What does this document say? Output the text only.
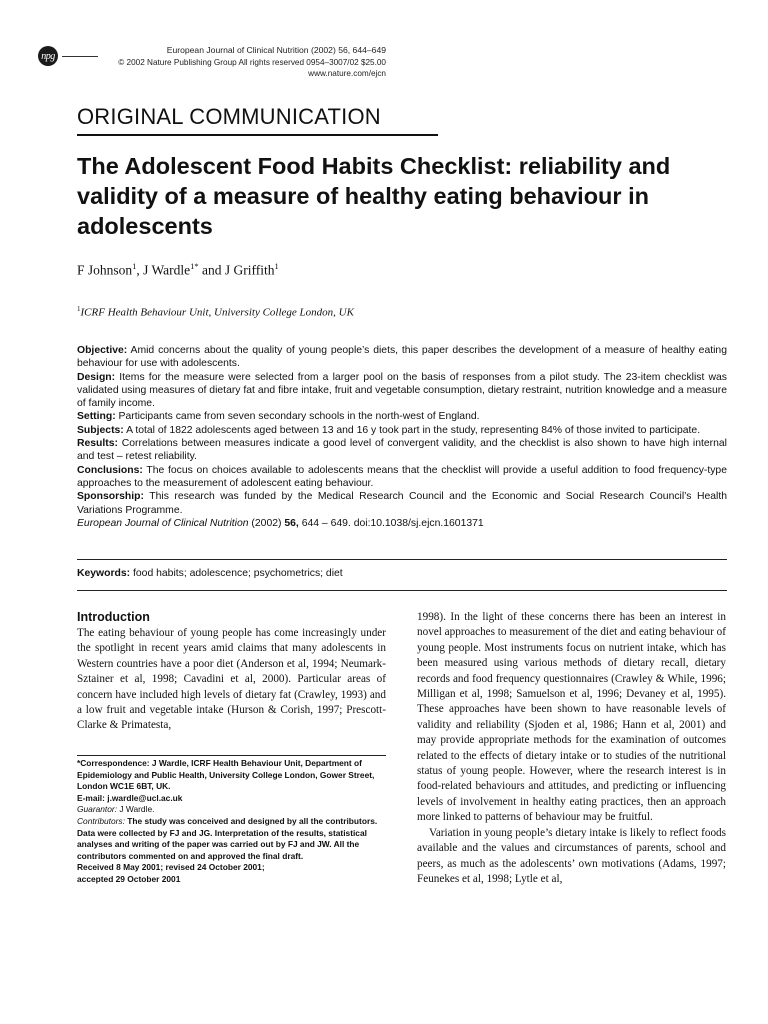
npg
European Journal of Clinical Nutrition (2002) 56, 644–649
© 2002 Nature Publishing Group All rights reserved 0954–3007/02 $25.00
www.nature.com/ejcn
ORIGINAL COMMUNICATION
The Adolescent Food Habits Checklist: reliability and validity of a measure of healthy eating behaviour in adolescents
F Johnson$^1$, J Wardle$^{1*}$ and J Griffith$^1$
$^1$ICRF Health Behaviour Unit, University College London, UK

Objective: Amid concerns about the quality of young people’s diets, this paper describes the development of a measure of healthy eating behaviour for use with adolescents.

Design: Items for the measure were selected from a larger pool on the basis of responses from a pilot study. The 23-item checklist was validated using measures of dietary fat and fibre intake, fruit and vegetable consumption, dietary restraint, nutrition knowledge and a measure of family income.

Setting: Participants came from seven secondary schools in the north-west of England.

Subjects: A total of 1822 adolescents aged between 13 and 16 y took part in the study, representing 84% of those invited to participate.

Results: Correlations between measures indicate a good level of convergent validity, and the checklist is also shown to have high internal and test – retest reliability.

Conclusions: The focus on choices available to adolescents means that the checklist will provide a useful addition to food frequency-type approaches to the measurement of adolescent eating behaviour.

Sponsorship: This research was funded by the Medical Research Council and the Economic and Social Research Council’s Health Variations Programme.

European Journal of Clinical Nutrition (2002) 56, 644 – 649. doi:10.1038/sj.ejcn.1601371

Keywords: food habits; adolescence; psychometrics; diet
Introduction

The eating behaviour of young people has come increasingly under the spotlight in recent years amid claims that many adolescents in Western countries have a poor diet (Anderson et al, 1994; Neumark-Sztainer et al, 1998; Cavadini et al, 2000). Particular areas of concern have included high levels of dietary fat (Crawley, 1993) and a low fruit and vegetable intake (Hurson & Corish, 1997; Prescott-Clarke & Primatesta,

*Correspondence: J Wardle, ICRF Health Behaviour Unit, Department of Epidemiology and Public Health, University College London, Gower Street, London WC1E 6BT, UK.

E-mail: j.wardle@ucl.ac.uk

Guarantor: J Wardle.

Contributors: The study was conceived and designed by all the contributors. Data were collected by FJ and JG. Interpretation of the results, statistical analyses and writing of the paper was carried out by FJ and JW. All the contributors commented on and approved the final draft.

Received 8 May 2001; revised 24 October 2001;

accepted 29 October 2001

1998). In the light of these concerns there has been an interest in novel approaches to measurement of the diet and eating behaviour of young people. Most instruments focus on nutrient intake, which has been measured using various methods of dietary recall, dietary records and food frequency questionnaires (Crawley & While, 1996; Milligan et al, 1998; Samuelson et al, 1996; Devaney et al, 1995). These approaches have been shown to have reasonable levels of validity and reliability (Sjoden et al, 1986; Hann et al, 2001) and may provide appropriate methods for the examination of outcomes related to the effects of dietary intake or to studies of the nutritional status of young people. However, where the research interest is in food-related behaviours and attitudes, and predicting or influencing levels of involvement in healthy eating practices, then an approach more linked to patterns of behaviour may be fruitful.

Variation in young people’s dietary intake is likely to reflect foods available and the values and circumstances of parents, school and peers, as much as the adolescents’ own motivations (Adams, 1997; Feunekes et al, 1998; Lytle et al,
